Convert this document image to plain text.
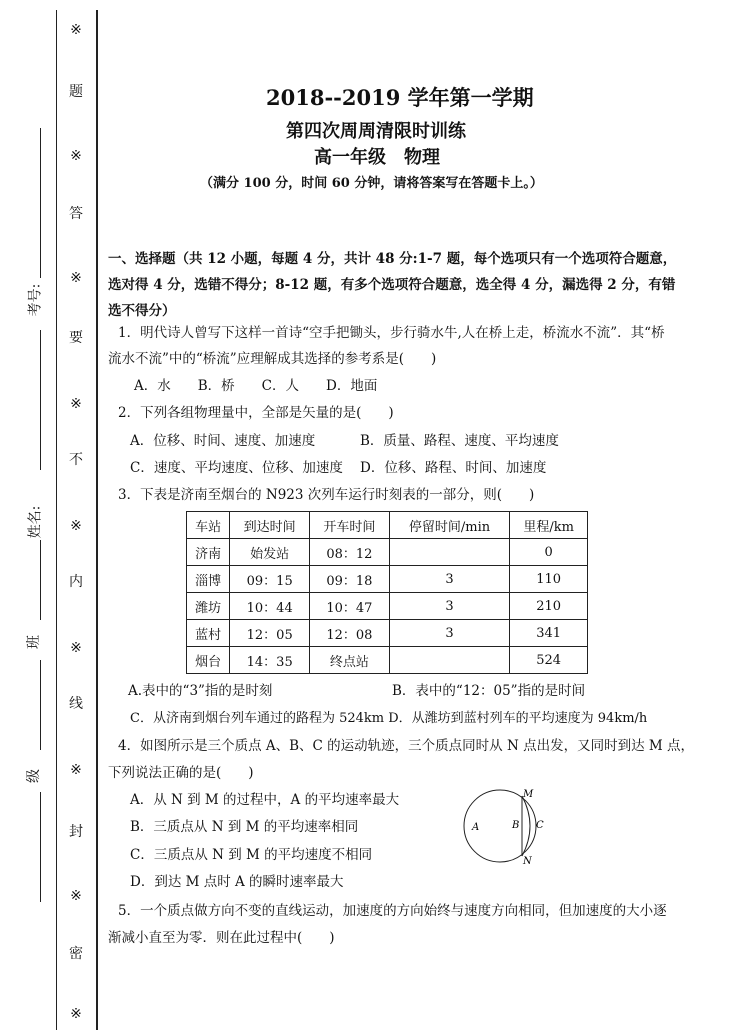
※
题
※
答
※
要
※
不
※
内
※
线
※
封
※
密
※
考号:
姓名:
班
级
2018--2019 学年第一学期
第四次周周清限时训练
高一年级　物理
（满分 100 分，时间 60 分钟，请将答案写在答题卡上。）
一、选择题（共 12 小题，每题 4 分，共计 48 分:1-7 题，每个选项只有一个选项符合题意，
选对得 4 分，选错不得分；8-12 题，有多个选项符合题意，选全得 4 分，漏选得 2 分，有错
选不得分）
1．明代诗人曾写下这样一首诗“空手把锄头，步行骑水牛,人在桥上走，桥流水不流”．其“桥
流水不流”中的“桥流”应理解成其选择的参考系是(　　)
A．水　　B．桥　　C．人　　D．地面
2．下列各组物理量中，全部是矢量的是(　　)
A．位移、时间、速度、加速度	B．质量、路程、速度、平均速度
C．速度、平均速度、位移、加速度 D．位移、路程、时间、加速度
3．下表是济南至烟台的 N923 次列车运行时刻表的一部分，则(　　)
车站	到达时间	开车时间	停留时间/min	里程/km
济南	始发站	08：12		0
淄博	09：15	09：18	3	110
潍坊	10：44	10：47	3	210
蓝村	12：05	12：08	3	341
烟台	14：35	终点站		524
A.表中的“3”指的是时刻	B．表中的“12：05”指的是时间
C．从济南到烟台列车通过的路程为 524km D．从潍坊到蓝村列车的平均速度为 94km/h
4．如图所示是三个质点 A、B、C 的运动轨迹，三个质点同时从 N 点出发，又同时到达 M 点，
下列说法正确的是(　　)
A．从 N 到 M 的过程中，A 的平均速率最大
B．三质点从 N 到 M 的平均速率相同
C．三质点从 N 到 M 的平均速度不相同
D．到达 M 点时 A 的瞬时速率最大
A	B C
M
N
5．一个质点做方向不变的直线运动，加速度的方向始终与速度方向相同，但加速度的大小逐
渐减小直至为零．则在此过程中(　　)
